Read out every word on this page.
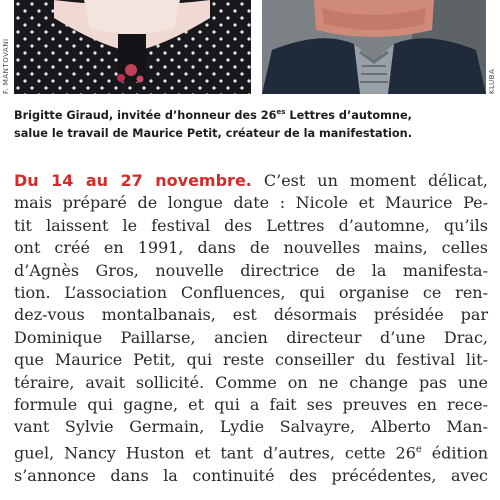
F. MANTOVANI	KLUBA
Brigitte Giraud, invitée d’honneur des $26^{es}$ Lettres d’automne,
salue le travail de Maurice Petit, créateur de la manifestation.

Du 14 au 27 novembre. C’est un moment délicat,

mais préparé de longue date : Nicole et Maurice Pe-

tit laissent le festival des Lettres d’automne, qu’ils

ont créé en 1991, dans de nouvelles mains, celles

d’Agnès Gros, nouvelle directrice de la manifesta-

tion. L’association Confluences, qui organise ce ren-

dez-vous montalbanais, est désormais présidée par

Dominique Paillarse, ancien directeur d’une Drac,

que Maurice Petit, qui reste conseiller du festival lit-

téraire, avait sollicité. Comme on ne change pas une

formule qui gagne, et qui a fait ses preuves en rece-

vant Sylvie Germain, Lydie Salvayre, Alberto Man-

guel, Nancy Huston et tant d’autres, cette 26e édition

s’annonce dans la continuité des précédentes, avec
